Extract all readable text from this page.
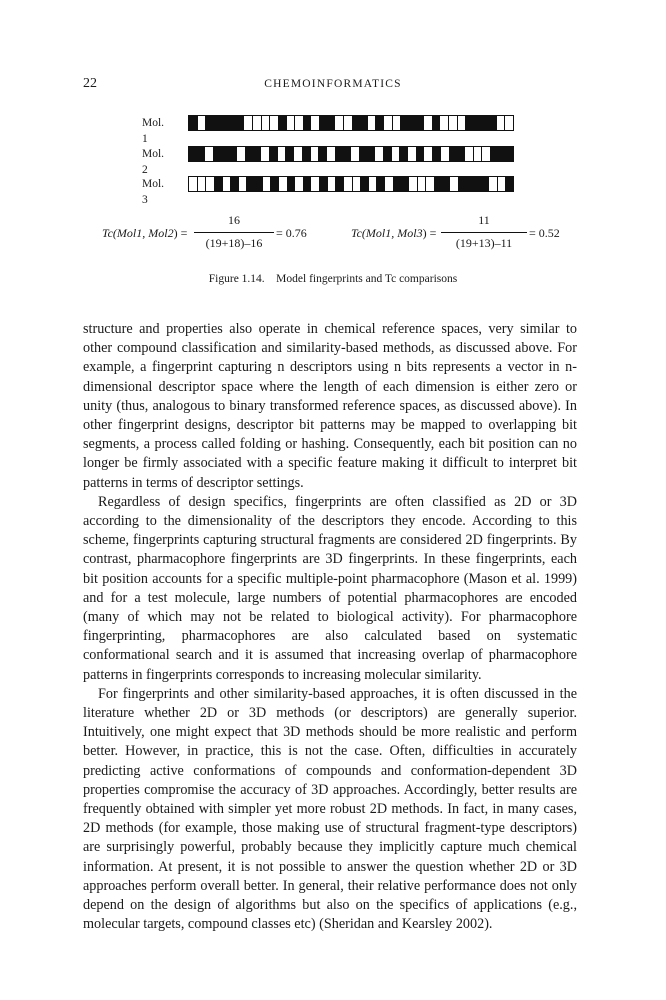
22	CHEMOINFORMATICS
Mol. 1
Mol. 2
Mol. 3
Tc(Mol1, Mol2) =
16
(19+18)–16
= 0.76	Tc(Mol1, Mol3) =
11
(19+13)–11
= 0.52
Figure 1.14.    Model fingerprints and Tc comparisons

structure and properties also operate in chemical reference spaces, very similar to other compound classification and similarity-based methods, as discussed above. For example, a fingerprint capturing n descriptors using n bits represents a vector in n-dimensional descriptor space where the length of each dimension is either zero or unity (thus, analogous to binary transformed reference spaces, as discussed above). In other fingerprint designs, descriptor bit patterns may be mapped to overlapping bit segments, a process called folding or hashing. Consequently, each bit position can no longer be firmly associated with a specific feature making it difficult to interpret bit patterns in terms of descriptor settings.

Regardless of design specifics, fingerprints are often classified as 2D or 3D according to the dimensionality of the descriptors they encode. According to this scheme, fingerprints capturing structural fragments are considered 2D fingerprints. By contrast, pharmacophore fingerprints are 3D fingerprints. In these fingerprints, each bit position accounts for a specific multiple-point pharmacophore (Mason et al. 1999) and for a test molecule, large numbers of potential pharmacophores are encoded (many of which may not be related to biological activity). For pharmacophore fingerprinting, pharmacophores are also calculated based on systematic conformational search and it is assumed that increasing overlap of pharmacophore patterns in fingerprints corresponds to increasing molecular similarity.

For fingerprints and other similarity-based approaches, it is often discussed in the literature whether 2D or 3D methods (or descriptors) are generally superior. Intuitively, one might expect that 3D methods should be more realistic and perform better. However, in practice, this is not the case. Often, difficulties in accurately predicting active conformations of compounds and conformation-dependent 3D properties compromise the accuracy of 3D approaches. Accordingly, better results are frequently obtained with simpler yet more robust 2D methods. In fact, in many cases, 2D methods (for example, those making use of structural fragment-type descriptors) are surprisingly powerful, probably because they implicitly capture much chemical information. At present, it is not possible to answer the question whether 2D or 3D approaches perform overall better. In general, their relative performance does not only depend on the design of algorithms but also on the specifics of applications (e.g., molecular targets, compound classes etc) (Sheridan and Kearsley 2002).
